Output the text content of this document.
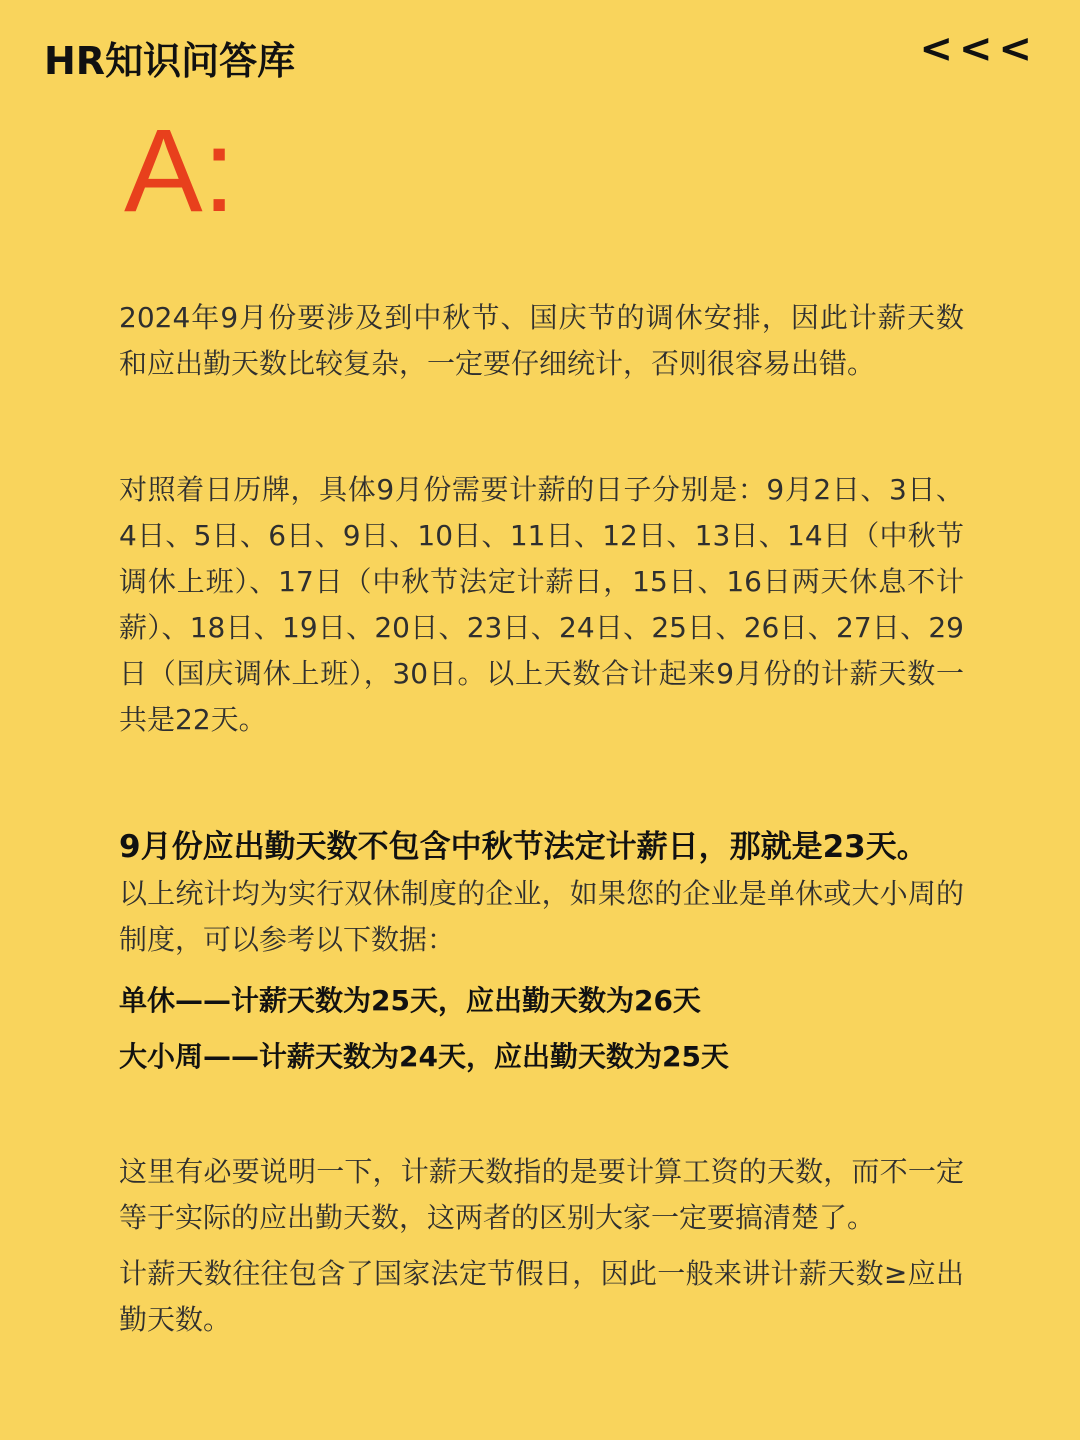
HR知识问答库	<<<
A:

2024年9月份要涉及到中秋节、国庆节的调休安排，因此计薪天数和应出勤天数比较复杂，一定要仔细统计，否则很容易出错。

对照着日历牌，具体9月份需要计薪的日子分别是：9月2日、3日、4日、5日、6日、9日、10日、11日、12日、13日、14日（中秋节调休上班）、17日（中秋节法定计薪日，15日、16日两天休息不计薪）、18日、19日、20日、23日、24日、25日、26日、27日、29日（国庆调休上班），30日。以上天数合计起来9月份的计薪天数一共是22天。

9月份应出勤天数不包含中秋节法定计薪日，那就是23天。

以上统计均为实行双休制度的企业，如果您的企业是单休或大小周的制度，可以参考以下数据：

单休——计薪天数为25天，应出勤天数为26天

大小周——计薪天数为24天，应出勤天数为25天

这里有必要说明一下，计薪天数指的是要计算工资的天数，而不一定等于实际的应出勤天数，这两者的区别大家一定要搞清楚了。

计薪天数往往包含了国家法定节假日，因此一般来讲计薪天数≥应出勤天数。
